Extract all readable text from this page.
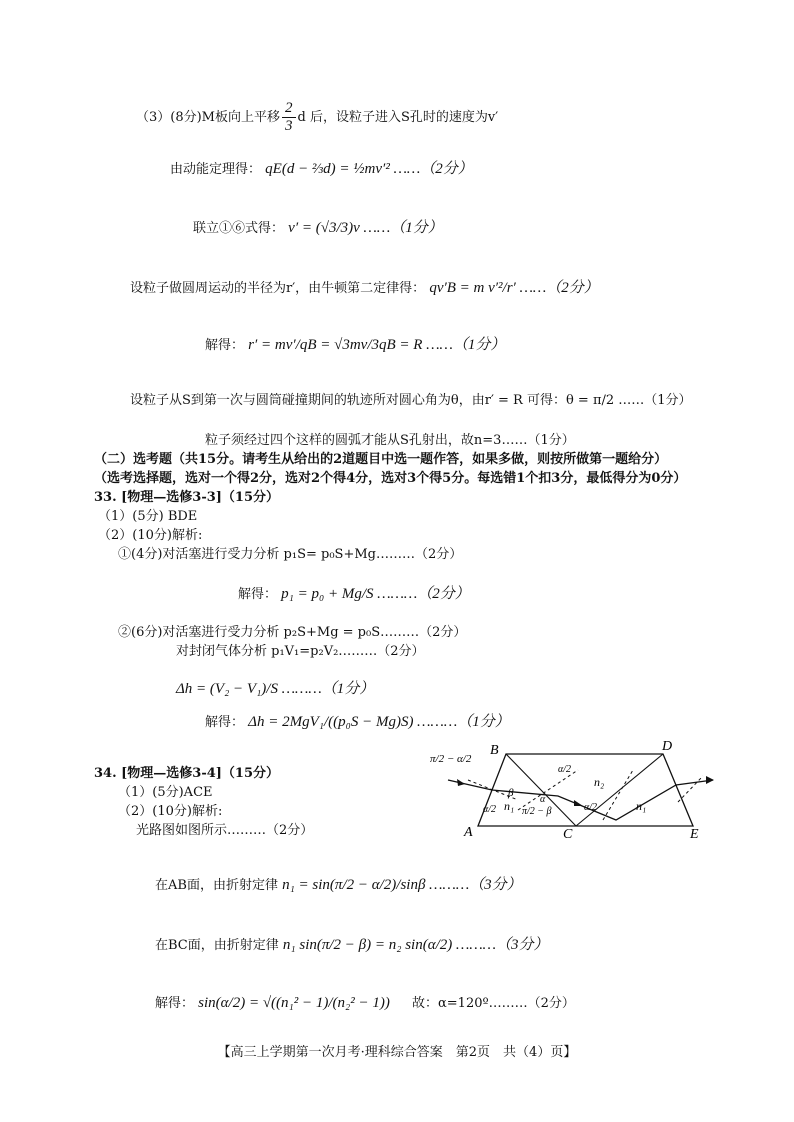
（3）(8分)M板向上平移 $\frac{2}{3}$ d 后，设粒子进入S孔时的速度为v′
由动能定理得： qE(d − ⅔d) = ½mv′² ……（2分）
联立①⑥式得： v′ = (√3/3)v ……（1分）
设粒子做圆周运动的半径为r′，由牛顿第二定律得： qv′B = m v′²/r′ ……（2分）
解得： r′ = mv′/qB = √3mv/3qB = R ……（1分）
设粒子从S到第一次与圆筒碰撞期间的轨迹所对圆心角为θ，由r′ = R 可得：θ = π/2 ……（1分）
粒子须经过四个这样的圆弧才能从S孔射出，故n=3……（1分）
（二）选考题（共15分。请考生从给出的2道题目中选一题作答，如果多做，则按所做第一题给分）
（选考选择题，选对一个得2分，选对2个得4分，选对3个得5分。每选错1个扣3分，最低得分为0分）
33. [物理—选修3-3]（15分）
（1）(5分) BDE
（2）(10分)解析:
①(4分)对活塞进行受力分析 p₁S= p₀S+Mg………（2分）
解得： p₁ = p₀ + Mg/S ………（2分）
②(6分)对活塞进行受力分析 p₂S+Mg = p₀S………（2分）
对封闭气体分析 p₁V₁=p₂V₂………（2分）
Δh = (V₂ − V₁)/S ………（1分）
解得： Δh = 2MgV₁/((p₀S − Mg)S) ………（1分）
34. [物理—选修3-4]（15分）
（1）(5分)ACE
（2）(10分)解析:
光路图如图所示………（2分）
在AB面，由折射定律 n₁ = sin(π/2 − α/2)/sinβ ………（3分）
在BC面，由折射定律 n₁ sin(π/2 − β) = n₂ sin(α/2) ………（3分）
解得： sin(α/2) = √((n₁² − 1)/(n₂² − 1)) 故：α=120º………（2分）
A
B
C
D
E
n₁
n₂
n₁
β
π/2 − α/2
π/2 − β
α/2
α/2	α/2
α
【高三上学期第一次月考·理科综合答案　第2页　共（4）页】
